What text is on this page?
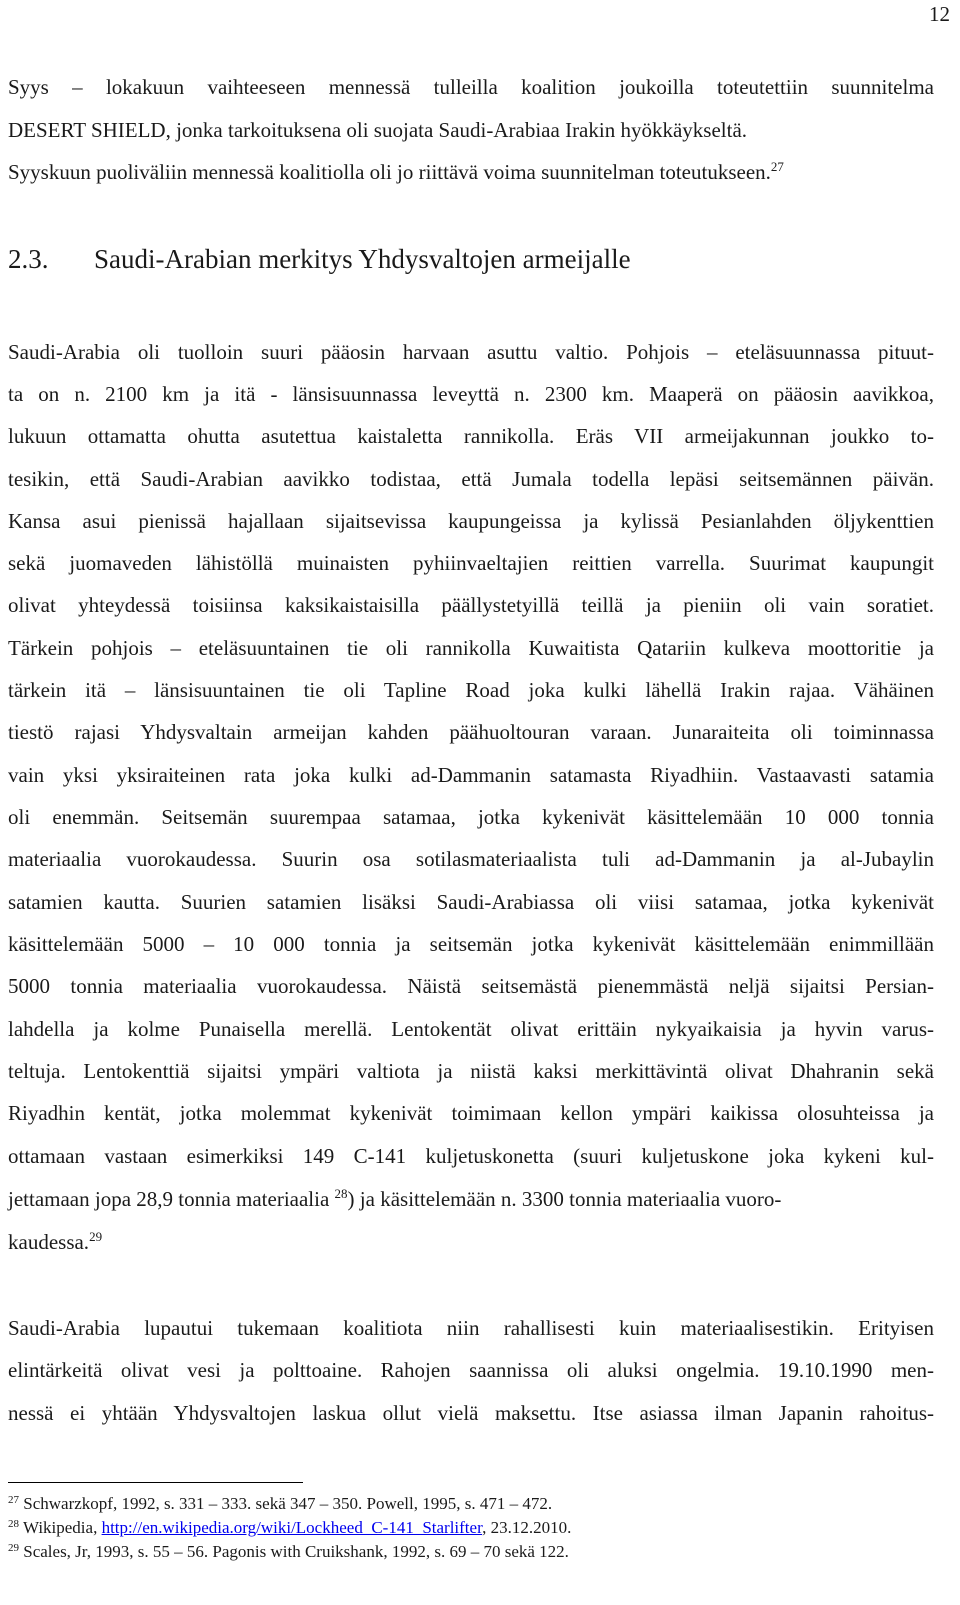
12
Syys – lokakuun vaihteeseen mennessä tulleilla koalition joukoilla toteutettiin suunnitelma
DESERT SHIELD, jonka tarkoituksena oli suojata Saudi-Arabiaa Irakin hyökkäykseltä.
Syyskuun puoliväliin mennessä koalitiolla oli jo riittävä voima suunnitelman toteutukseen.$^{27}$
2.3. Saudi-Arabian merkitys Yhdysvaltojen armeijalle
Saudi-Arabia oli tuolloin suuri pääosin harvaan asuttu valtio. Pohjois – eteläsuunnassa pituut-
ta on n. 2100 km ja itä - länsisuunnassa leveyttä n. 2300 km. Maaperä on pääosin aavikkoa,
lukuun ottamatta ohutta asutettua kaistaletta rannikolla. Eräs VII armeijakunnan joukko to-
tesikin, että Saudi-Arabian aavikko todistaa, että Jumala todella lepäsi seitsemännen päivän.
Kansa asui pienissä hajallaan sijaitsevissa kaupungeissa ja kylissä Pesianlahden öljykenttien
sekä juomaveden lähistöllä muinaisten pyhiinvaeltajien reittien varrella. Suurimat kaupungit
olivat yhteydessä toisiinsa kaksikaistaisilla päällystetyillä teillä ja pieniin oli vain soratiet.
Tärkein pohjois – eteläsuuntainen tie oli rannikolla Kuwaitista Qatariin kulkeva moottoritie ja
tärkein itä – länsisuuntainen tie oli Tapline Road joka kulki lähellä Irakin rajaa. Vähäinen
tiestö rajasi Yhdysvaltain armeijan kahden päähuoltouran varaan. Junaraiteita oli toiminnassa
vain yksi yksiraiteinen rata joka kulki ad-Dammanin satamasta Riyadhiin. Vastaavasti satamia
oli enemmän. Seitsemän suurempaa satamaa, jotka kykenivät käsittelemään 10 000 tonnia
materiaalia vuorokaudessa. Suurin osa sotilasmateriaalista tuli ad-Dammanin ja al-Jubaylin
satamien kautta. Suurien satamien lisäksi Saudi-Arabiassa oli viisi satamaa, jotka kykenivät
käsittelemään 5000 – 10 000 tonnia ja seitsemän jotka kykenivät käsittelemään enimmillään
5000 tonnia materiaalia vuorokaudessa. Näistä seitsemästä pienemmästä neljä sijaitsi Persian-
lahdella ja kolme Punaisella merellä. Lentokentät olivat erittäin nykyaikaisia ja hyvin varus-
teltuja. Lentokenttiä sijaitsi ympäri valtiota ja niistä kaksi merkittävintä olivat Dhahranin sekä
Riyadhin kentät, jotka molemmat kykenivät toimimaan kellon ympäri kaikissa olosuhteissa ja
ottamaan vastaan esimerkiksi 149 C-141 kuljetuskonetta (suuri kuljetuskone joka kykeni kul-
jettamaan jopa 28,9 tonnia materiaalia $^{28}$) ja käsittelemään n. 3300 tonnia materiaalia vuoro-
kaudessa.$^{29}$
Saudi-Arabia lupautui tukemaan koalitiota niin rahallisesti kuin materiaalisestikin. Erityisen
elintärkeitä olivat vesi ja polttoaine. Rahojen saannissa oli aluksi ongelmia. 19.10.1990 men-
nessä ei yhtään Yhdysvaltojen laskua ollut vielä maksettu. Itse asiassa ilman Japanin rahoitus-
$^{27}$ Schwarzkopf, 1992, s. 331 – 333. sekä 347 – 350. Powell, 1995, s. 471 – 472.
$^{28}$ Wikipedia, http://en.wikipedia.org/wiki/Lockheed_C-141_Starlifter, 23.12.2010.
$^{29}$ Scales, Jr, 1993, s. 55 – 56. Pagonis with Cruikshank, 1992, s. 69 – 70 sekä 122.
